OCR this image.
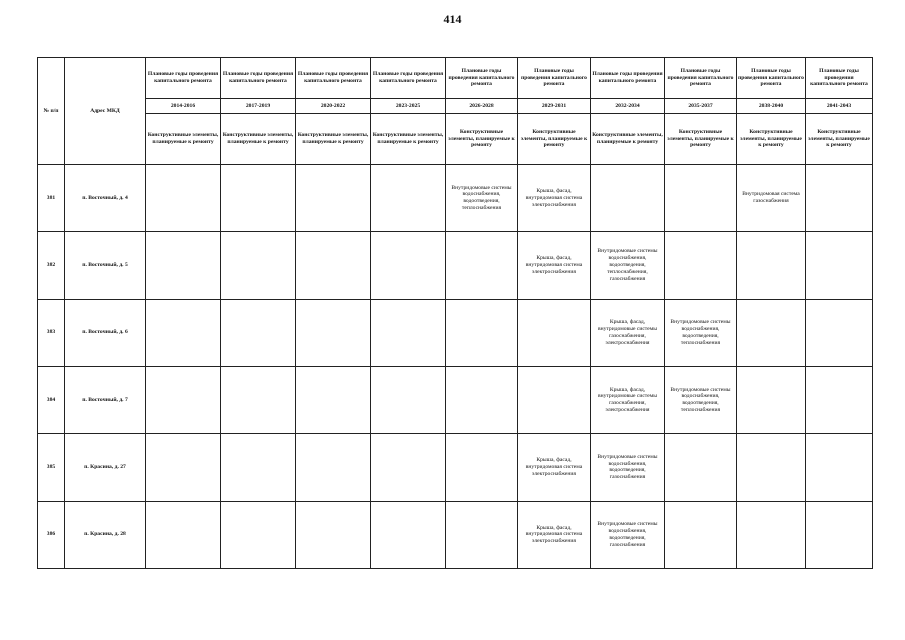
414
№ п/п	Адрес МКД	Плановые годы проведения капитального ремонта	Плановые годы проведения капитального ремонта	Плановые годы проведения капитального ремонта	Плановые годы проведения капитального ремонта	Плановые годы проведения капитального ремонта	Плановые годы проведения капитального ремонта	Плановые годы проведения капитального ремонта	Плановые годы проведения капитального ремонта	Плановые годы проведения капитального ремонта	Плановые годы проведения капитального ремонта
		2014-2016	2017-2019	2020-2022	2023-2025	2026-2028	2029-2031	2032-2034	2035-2037	2038-2040	2041-2043
		Конструктивные элементы, планируемые к ремонту	Конструктивные элементы, планируемые к ремонту	Конструктивные элементы, планируемые к ремонту	Конструктивные элементы, планируемые к ремонту	Конструктивные элементы, планируемые к ремонту	Конструктивные элементы, планируемые к ремонту	Конструктивные элементы, планируемые к ремонту	Конструктивные элементы, планируемые к ремонту	Конструктивные элементы, планируемые к ремонту	Конструктивные элементы, планируемые к ремонту
381	п. Восточный, д. 4					Внутридомовые системы водоснабжения, водоотведения, теплоснабжения	Крыша, фасад, внутридомовая система электроснабжения			Внутридомовая система газоснабжения	
382	п. Восточный, д. 5						Крыша, фасад, внутридомовая система электроснабжения	Внутридомовые системы водоснабжения, водоотведения, теплоснабжения, газоснабжения			
383	п. Восточный, д. 6							Крыша, фасад, внутридомовые системы газоснабжения, электроснабжения	Внутридомовые системы водоснабжения, водоотведения, теплоснабжения		
384	п. Восточный, д. 7							Крыша, фасад, внутридомовые системы газоснабжения, электроснабжения	Внутридомовые системы водоснабжения, водоотведения, теплоснабжения		
385	п. Красина, д. 27						Крыша, фасад, внутридомовая система электроснабжения	Внутридомовые системы водоснабжения, водоотведения, газоснабжения			
386	п. Красина, д. 28						Крыша, фасад, внутридомовая система электроснабжения	Внутридомовые системы водоснабжения, водоотведения, газоснабжения			
